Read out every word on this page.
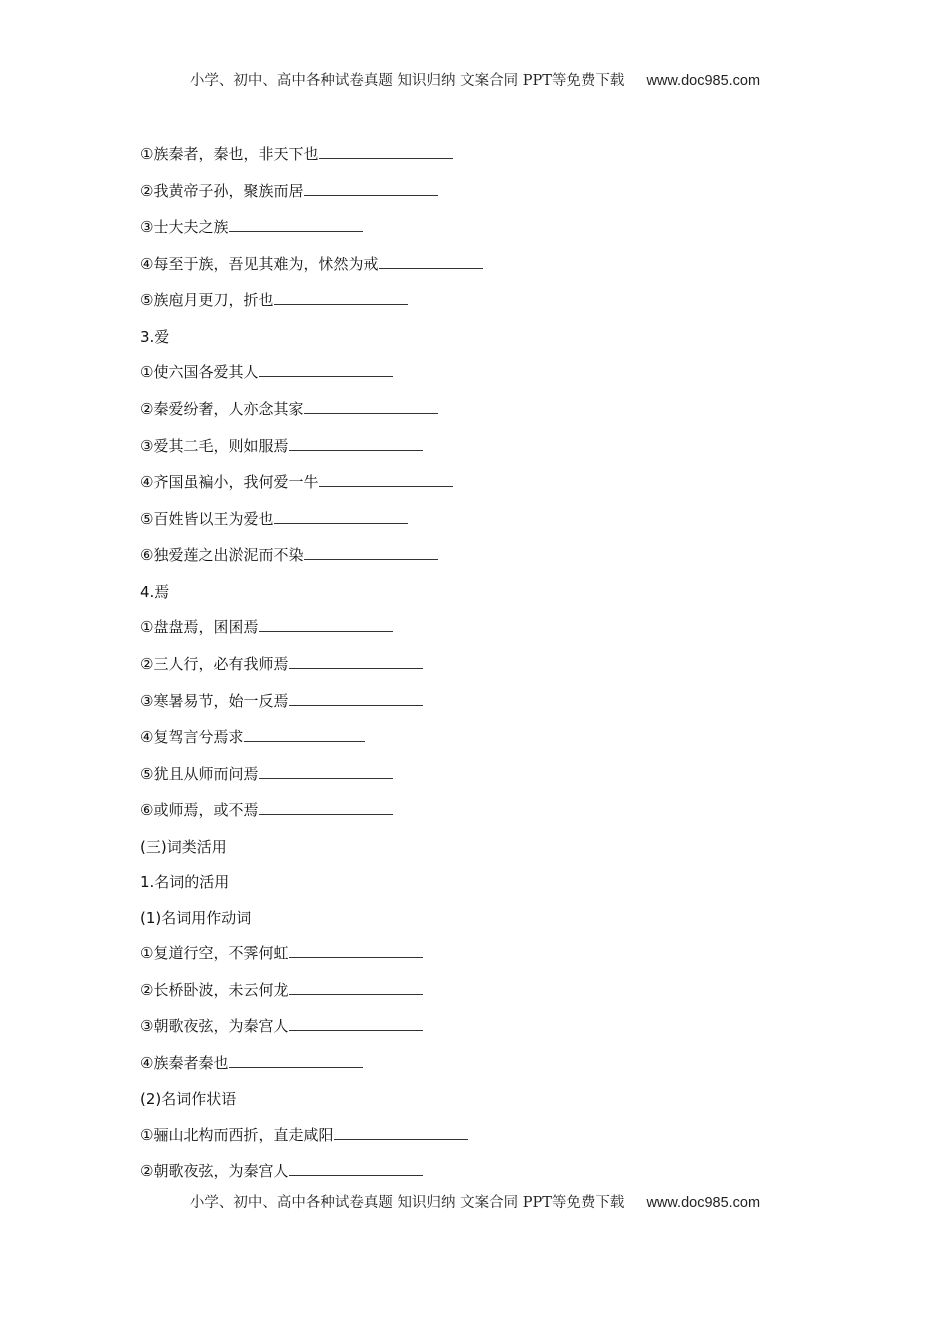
小学、初中、高中各种试卷真题 知识归纳 文案合同 PPT等免费下载 www.doc985.com
①族秦者，秦也，非天下也
②我黄帝子孙，聚族而居
③士大夫之族
④每至于族，吾见其难为，怵然为戒
⑤族庖月更刀，折也
3.爱
①使六国各爱其人
②秦爱纷奢，人亦念其家
③爱其二毛，则如服焉
④齐国虽褊小，我何爱一牛
⑤百姓皆以王为爱也
⑥独爱莲之出淤泥而不染
4.焉
①盘盘焉，囷囷焉
②三人行，必有我师焉
③寒暑易节，始一反焉
④复驾言兮焉求
⑤犹且从师而问焉
⑥或师焉，或不焉
(三)词类活用
1.名词的活用
(1)名词用作动词
①复道行空，不霁何虹
②长桥卧波，未云何龙
③朝歌夜弦，为秦宫人
④族秦者秦也
(2)名词作状语
①骊山北构而西折，直走咸阳
②朝歌夜弦，为秦宫人
小学、初中、高中各种试卷真题 知识归纳 文案合同 PPT等免费下载 www.doc985.com
